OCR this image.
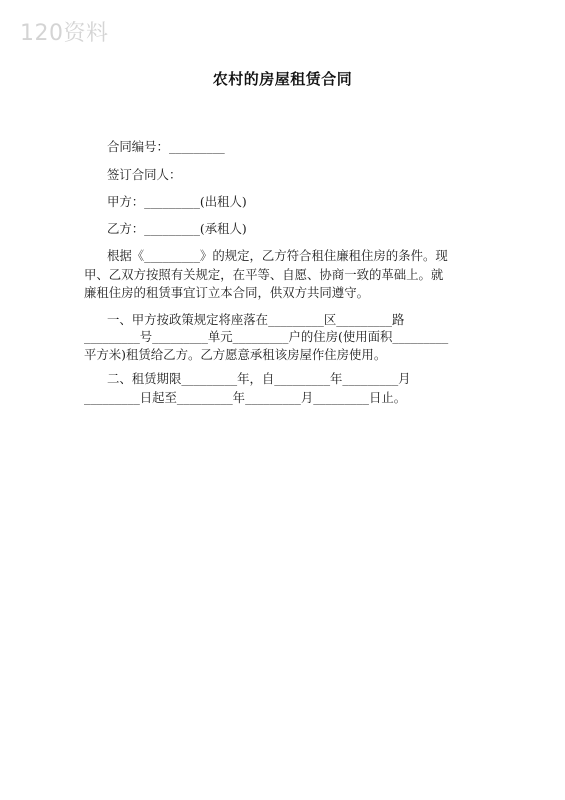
120资料
农村的房屋租赁合同

合同编号：_________

签订合同人：

甲方：_________(出租人)

乙方：_________(承租人)

根据《_________》的规定，乙方符合租住廉租住房的条件。现

甲、乙双方按照有关规定，在平等、自愿、协商一致的革础上。就

廉租住房的租赁事宜订立本合同，供双方共同遵守。

一、甲方按政策规定将座落在_________区_________路

_________号_________单元_________户的住房(使用面积_________

平方米)租赁给乙方。乙方愿意承租该房屋作住房使用。

二、租赁期限_________年，自_________年_________月

_________日起至_________年_________月_________日止。
